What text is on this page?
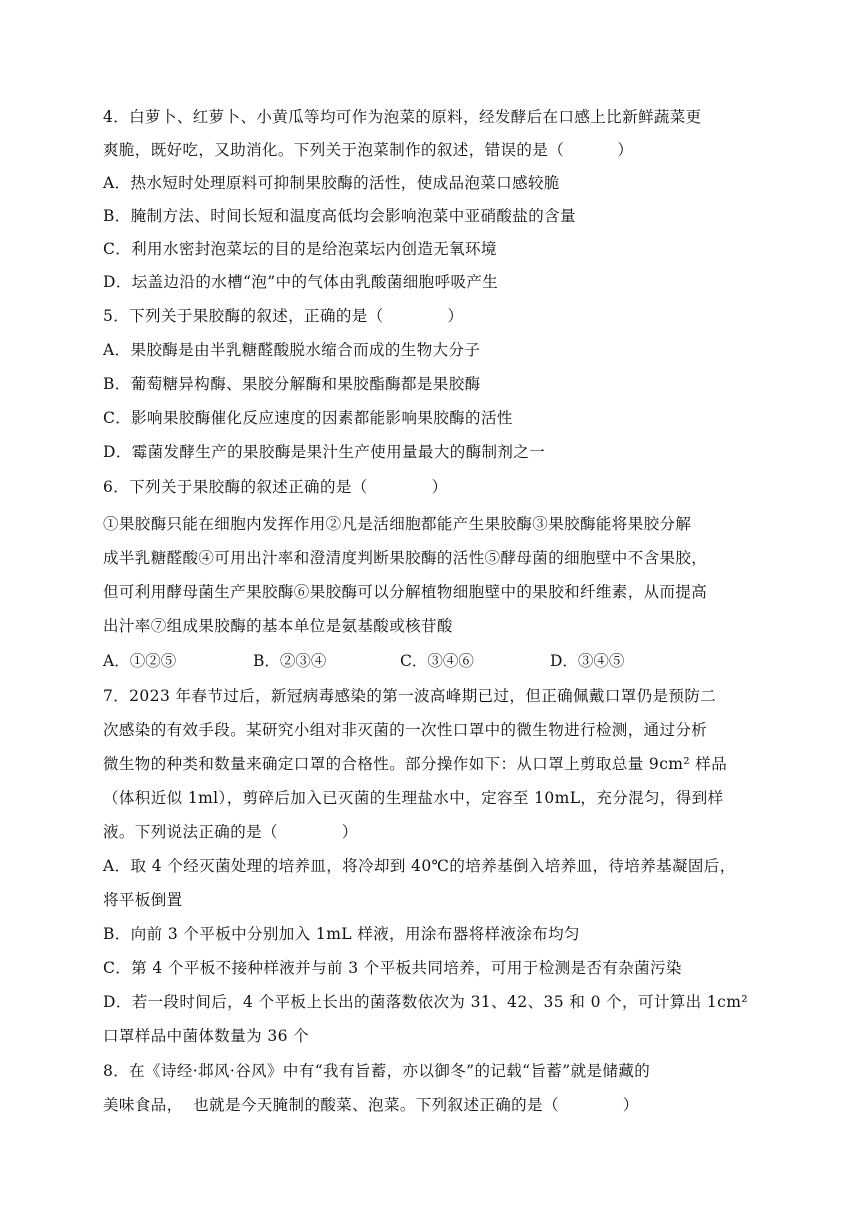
4．白萝卜、红萝卜、小黄瓜等均可作为泡菜的原料，经发酵后在口感上比新鲜蔬菜更
爽脆，既好吃，又助消化。下列关于泡菜制作的叙述，错误的是（          ）
A．热水短时处理原料可抑制果胶酶的活性，使成品泡菜口感较脆
B．腌制方法、时间长短和温度高低均会影响泡菜中亚硝酸盐的含量
C．利用水密封泡菜坛的目的是给泡菜坛内创造无氧环境
D．坛盖边沿的水槽“泡”中的气体由乳酸菌细胞呼吸产生
5．下列关于果胶酶的叙述，正确的是（            ）
A．果胶酶是由半乳糖醛酸脱水缩合而成的生物大分子
B．葡萄糖异构酶、果胶分解酶和果胶酯酶都是果胶酶
C．影响果胶酶催化反应速度的因素都能影响果胶酶的活性
D．霉菌发酵生产的果胶酶是果汁生产使用量最大的酶制剂之一
6．下列关于果胶酶的叙述正确的是（            ）
①果胶酶只能在细胞内发挥作用②凡是活细胞都能产生果胶酶③果胶酶能将果胶分解
成半乳糖醛酸④可用出汁率和澄清度判断果胶酶的活性⑤酵母菌的细胞壁中不含果胶，
但可利用酵母菌生产果胶酶⑥果胶酶可以分解植物细胞壁中的果胶和纤维素，从而提高
出汁率⑦组成果胶酶的基本单位是氨基酸或核苷酸

A．①②⑤

	B．②③④

	C．③④⑥

	D．③④⑤

7．2023 年春节过后，新冠病毒感染的第一波高峰期已过，但正确佩戴口罩仍是预防二
次感染的有效手段。某研究小组对非灭菌的一次性口罩中的微生物进行检测，通过分析
微生物的种类和数量来确定口罩的合格性。部分操作如下：从口罩上剪取总量 9cm² 样品
（体积近似 1ml），剪碎后加入已灭菌的生理盐水中，定容至 10mL，充分混匀，得到样
液。下列说法正确的是（            ）
A．取 4 个经灭菌处理的培养皿，将冷却到 40℃的培养基倒入培养皿，待培养基凝固后，
将平板倒置
B．向前 3 个平板中分别加入 1mL 样液，用涂布器将样液涂布均匀
C．第 4 个平板不接种样液并与前 3 个平板共同培养，可用于检测是否有杂菌污染
D．若一段时间后，4 个平板上长出的菌落数依次为 31、42、35 和 0 个，可计算出 1cm²
口罩样品中菌体数量为 36 个
8．在《诗经·邶风·谷风》中有“我有旨蓄，亦以御冬”的记载“旨蓄”就是储藏的
美味食品，  也就是今天腌制的酸菜、泡菜。下列叙述正确的是（            ）
